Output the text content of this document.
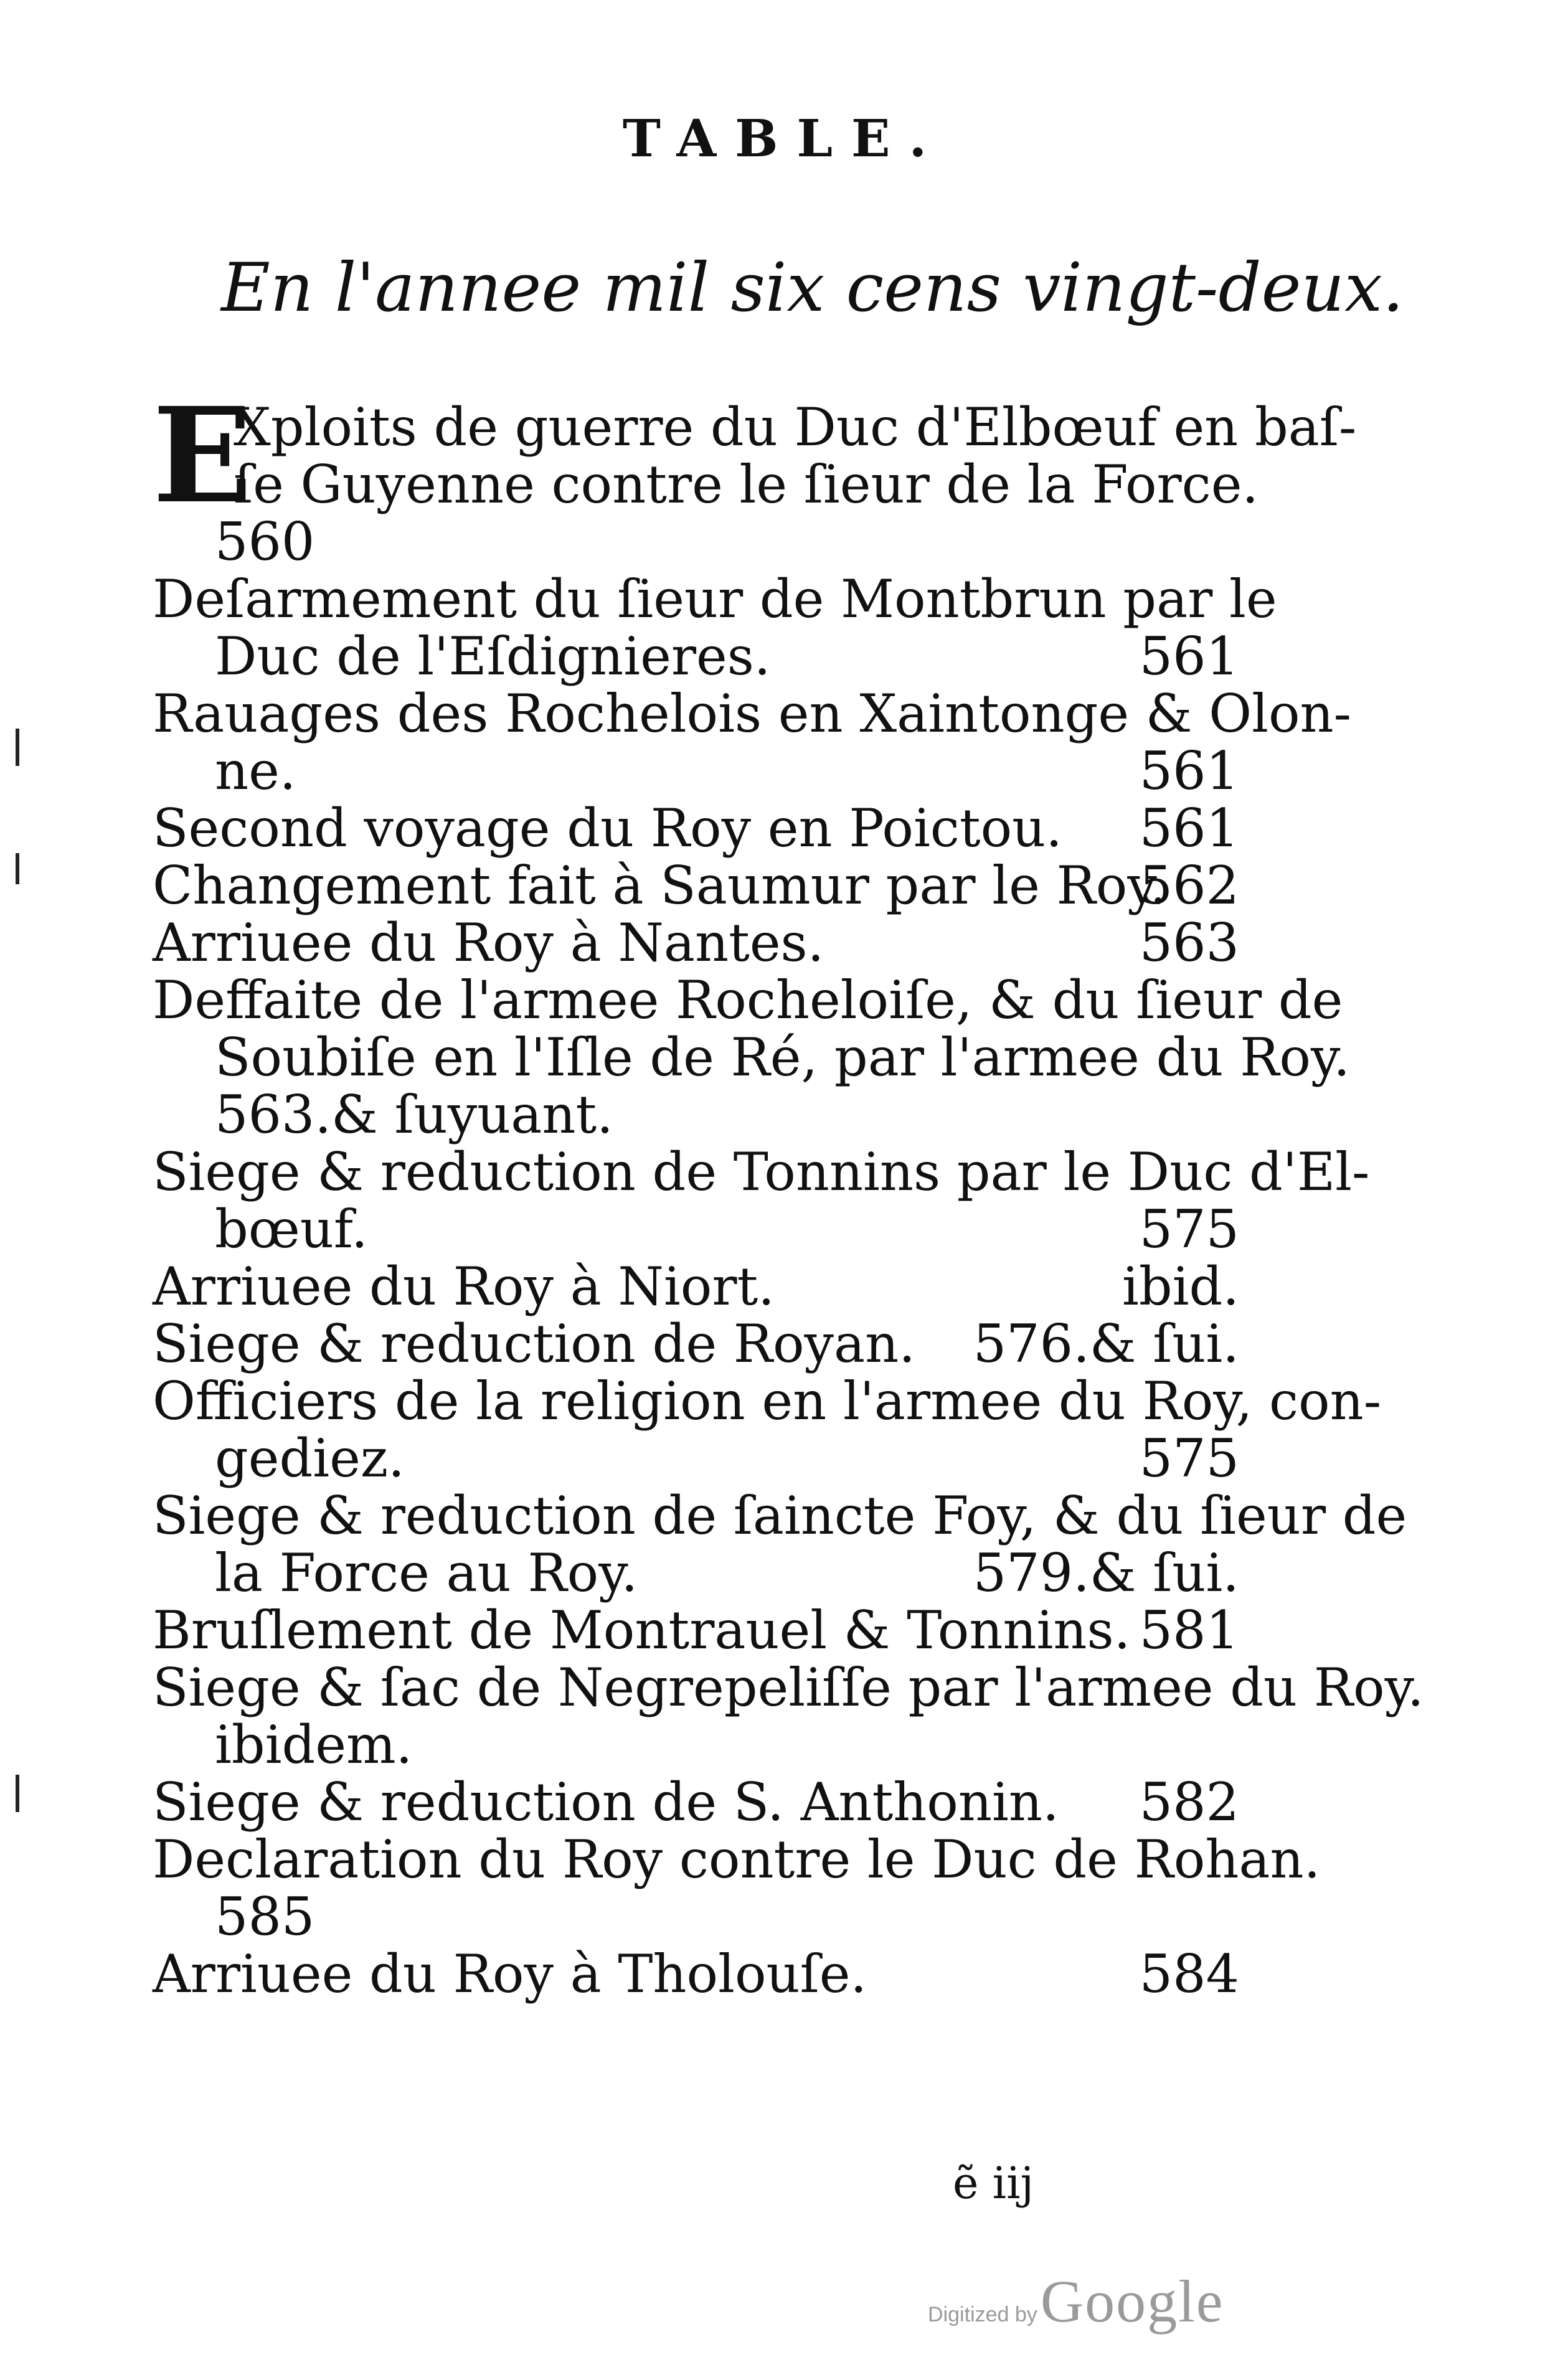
TABLE.
En l'annee mil six cens vingt-deux.
E
Xploits de guerre du Duc d'Elbœuf en baſ-
ſe Guyenne contre le ſieur de la Force.
560
Deſarmement du ſieur de Montbrun par le
Duc de l'Eſdignieres.	561
Rauages des Rochelois en Xaintonge & Olon-
ne.	561
Second voyage du Roy en Poictou. 561
Changement fait à Saumur par le Roy.
562
Arriuee du Roy à Nantes.	563
Deffaite de l'armee Rocheloiſe, & du ſieur de
Soubiſe en l'Iſle de Ré, par l'armee du Roy.
563.& ſuyuant.
Siege & reduction de Tonnins par le Duc d'El-
bœuf.	575
Arriuee du Roy à Niort.	ibid.
Siege & reduction de Royan. 576.& ſui.
Officiers de la religion en l'armee du Roy, con-
gediez.	575
Siege & reduction de ſaincte Foy, & du ſieur de
la Force au Roy.	579.& ſui.
Bruſlement de Montrauel & Tonnins. 581
Siege & ſac de Negrepeliſſe par l'armee du Roy.
ibidem.
Siege & reduction de S. Anthonin. 582
Declaration du Roy contre le Duc de Rohan.
585
Arriuee du Roy à Tholouſe.	584
ẽ iij
Digitized by Google
